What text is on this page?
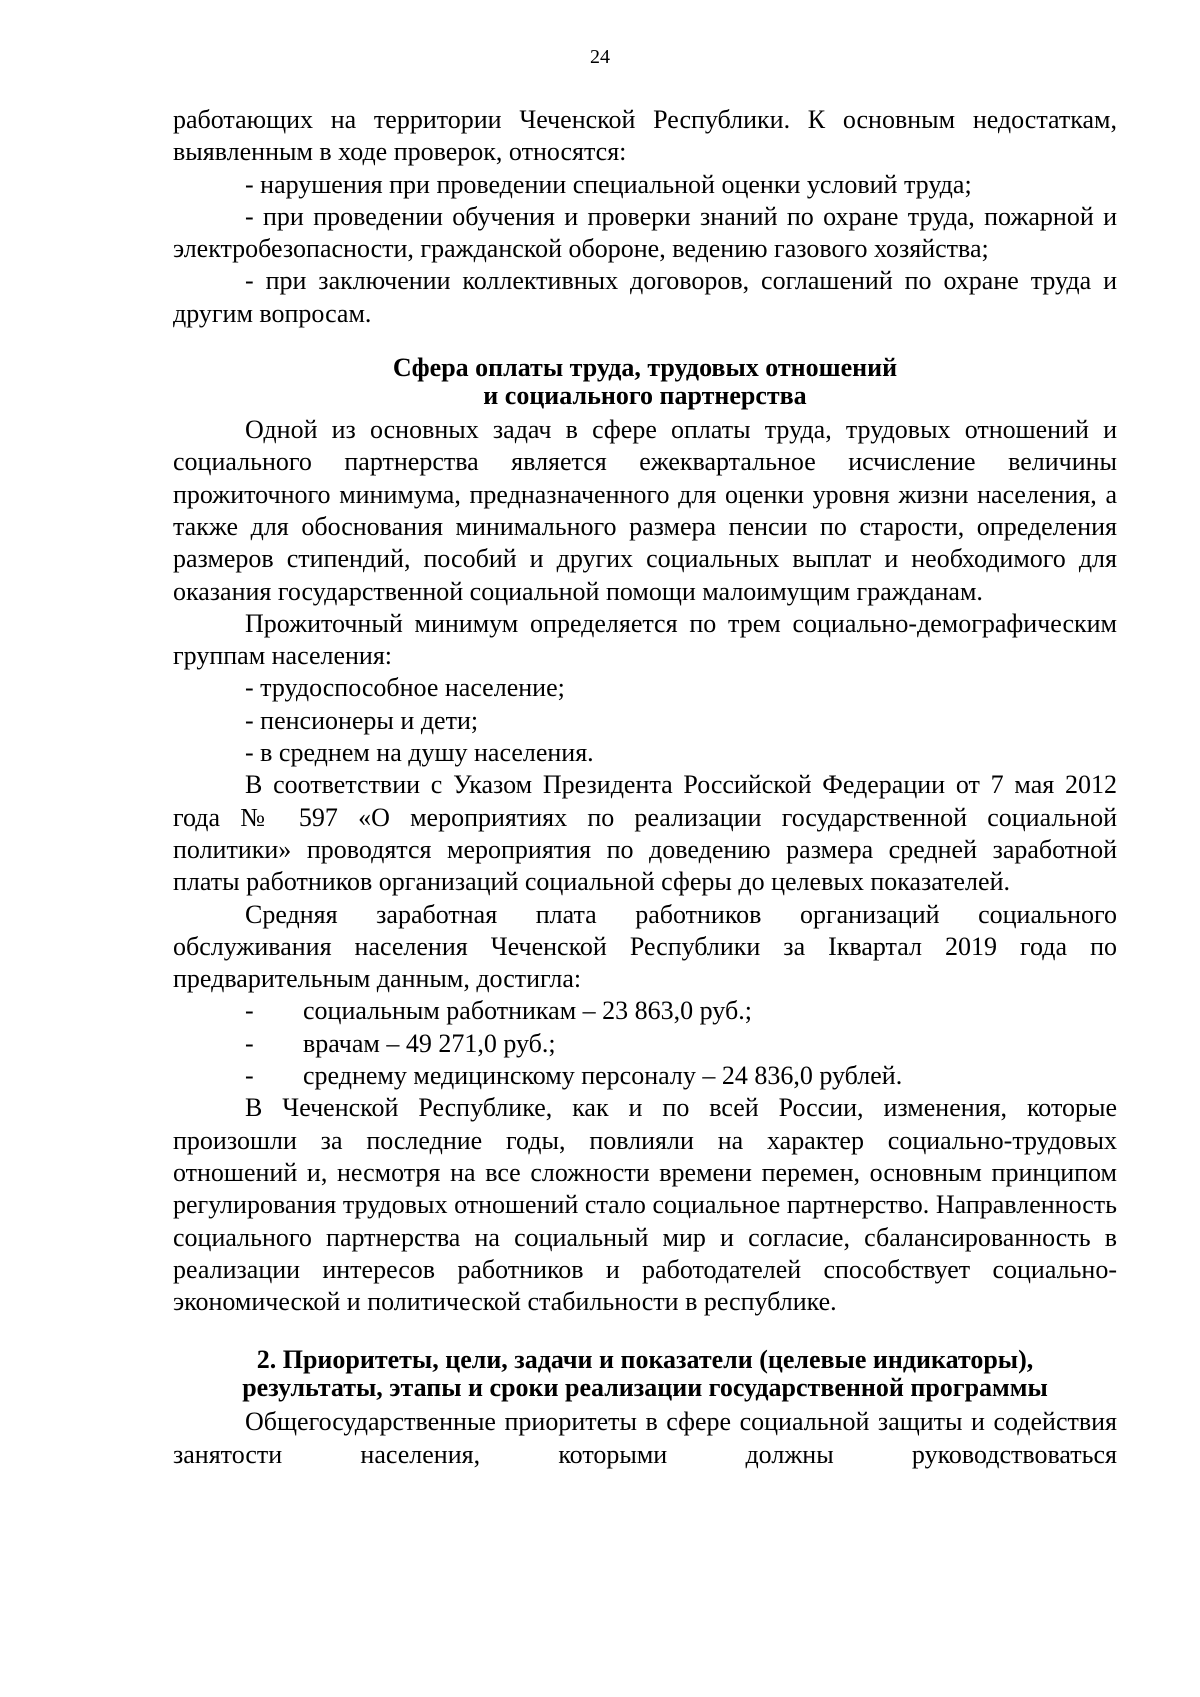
24

работающих на территории Чеченской Республики. К основным недостаткам, выявленным в ходе проверок, относятся:

- нарушения при проведении специальной оценки условий труда;

- при проведении обучения и проверки знаний по охране труда, пожарной и электробезопасности, гражданской обороне, ведению газового хозяйства;

- при заключении коллективных договоров, соглашений по охране труда и другим вопросам.

Сфера оплаты труда, трудовых отношений
и социального партнерства

Одной из основных задач в сфере оплаты труда, трудовых отношений и социального партнерства является ежеквартальное исчисление величины прожиточного минимума, предназначенного для оценки уровня жизни населения, а также для обоснования минимального размера пенсии по старости, определения размеров стипендий, пособий и других социальных выплат и необходимого для оказания государственной социальной помощи малоимущим гражданам.

Прожиточный минимум определяется по трем социально-демографическим группам населения:

- трудоспособное население;

- пенсионеры и дети;

- в среднем на душу населения.

В соответствии с Указом Президента Российской Федерации от 7 мая 2012 года № 597 «О мероприятиях по реализации государственной социальной политики» проводятся мероприятия по доведению размера средней заработной платы работников организаций социальной сферы до целевых показателей.

Средняя заработная плата работников организаций социального обслуживания населения Чеченской Республики за Iквартал 2019 года по предварительным данным, достигла:

-	социальным работникам – 23 863,0 руб.;
-	врачам – 49 271,0 руб.;
-	среднему медицинскому персоналу – 24 836,0 рублей.

В Чеченской Республике, как и по всей России, изменения, которые произошли за последние годы, повлияли на характер социально-трудовых отношений и, несмотря на все сложности времени перемен, основным принципом регулирования трудовых отношений стало социальное партнерство. Направленность социального партнерства на социальный мир и согласие, сбалансированность в реализации интересов работников и работодателей способствует социально-экономической и политической стабильности в республике.

2. Приоритеты, цели, задачи и показатели (целевые индикаторы),
результаты, этапы и сроки реализации государственной программы

Общегосударственные приоритеты в сфере социальной защиты и содействия занятости населения, которыми должны руководствоваться
